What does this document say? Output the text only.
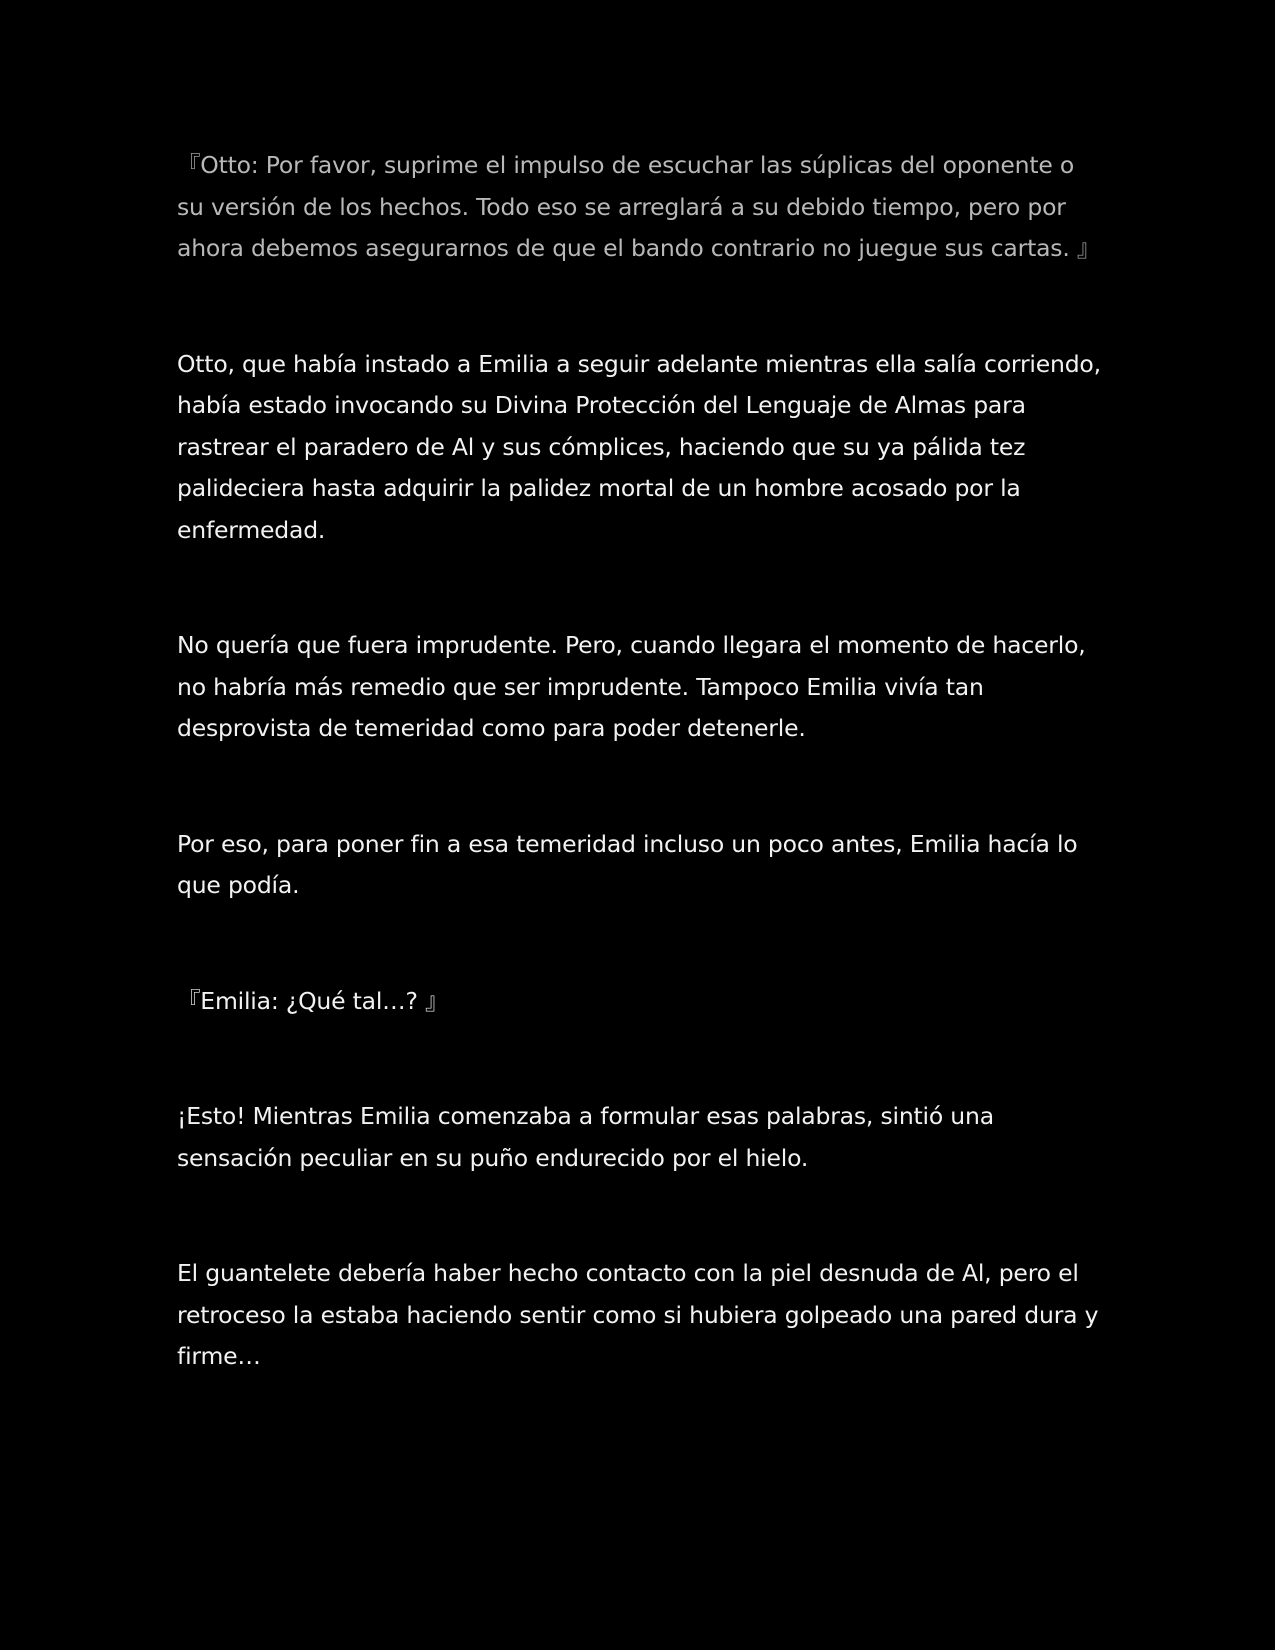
『Otto: Por favor, suprime el impulso de escuchar las súplicas del oponente o su versión de los hechos. Todo eso se arreglará a su debido tiempo, pero por ahora debemos asegurarnos de que el bando contrario no juegue sus cartas. 』

Otto, que había instado a Emilia a seguir adelante mientras ella salía corriendo, había estado invocando su Divina Protección del Lenguaje de Almas para rastrear el paradero de Al y sus cómplices, haciendo que su ya pálida tez palideciera hasta adquirir la palidez mortal de un hombre acosado por la enfermedad.

No quería que fuera imprudente. Pero, cuando llegara el momento de hacerlo, no habría más remedio que ser imprudente. Tampoco Emilia vivía tan desprovista de temeridad como para poder detenerle.

Por eso, para poner fin a esa temeridad incluso un poco antes, Emilia hacía lo que podía.

『Emilia: ¿Qué tal…? 』

¡Esto! Mientras Emilia comenzaba a formular esas palabras, sintió una sensación peculiar en su puño endurecido por el hielo.

El guantelete debería haber hecho contacto con la piel desnuda de Al, pero el retroceso la estaba haciendo sentir como si hubiera golpeado una pared dura y firme…
